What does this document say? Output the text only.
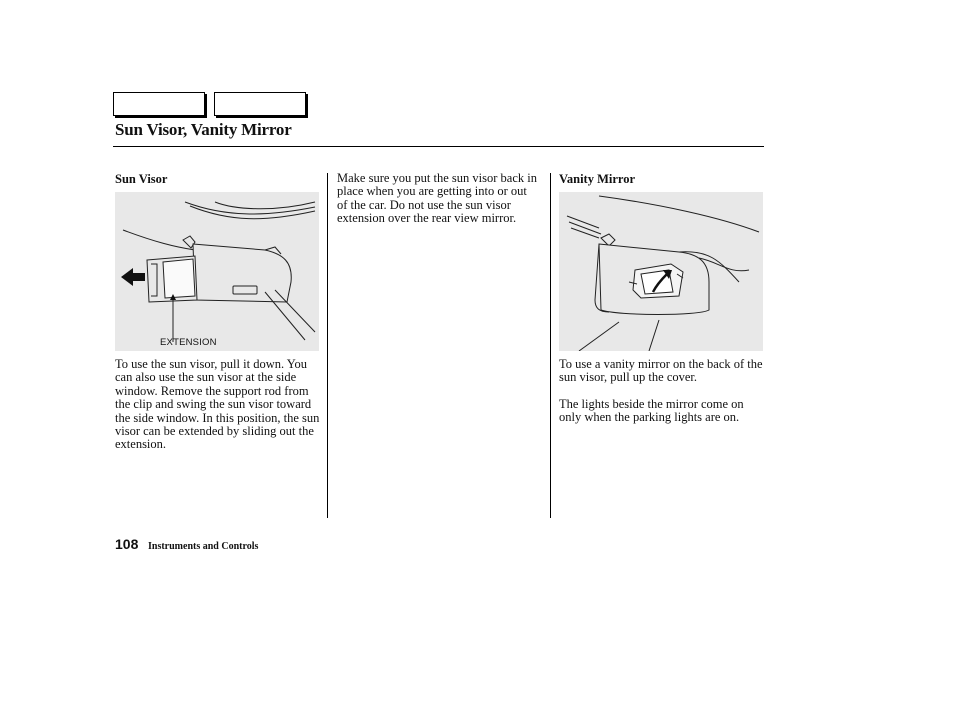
Sun Visor, Vanity Mirror
Sun Visor
EXTENSION

To use the sun visor, pull it down. You can also use the sun visor at the side window. Remove the support rod from the clip and swing the sun visor toward the side window. In this position, the sun visor can be extended by sliding out the extension.

Make sure you put the sun visor back in place when you are getting into or out of the car. Do not use the sun visor extension over the rear view mirror.

Vanity Mirror

To use a vanity mirror on the back of the sun visor, pull up the cover.

The lights beside the mirror come on only when the parking lights are on.

108 Instruments and Controls
